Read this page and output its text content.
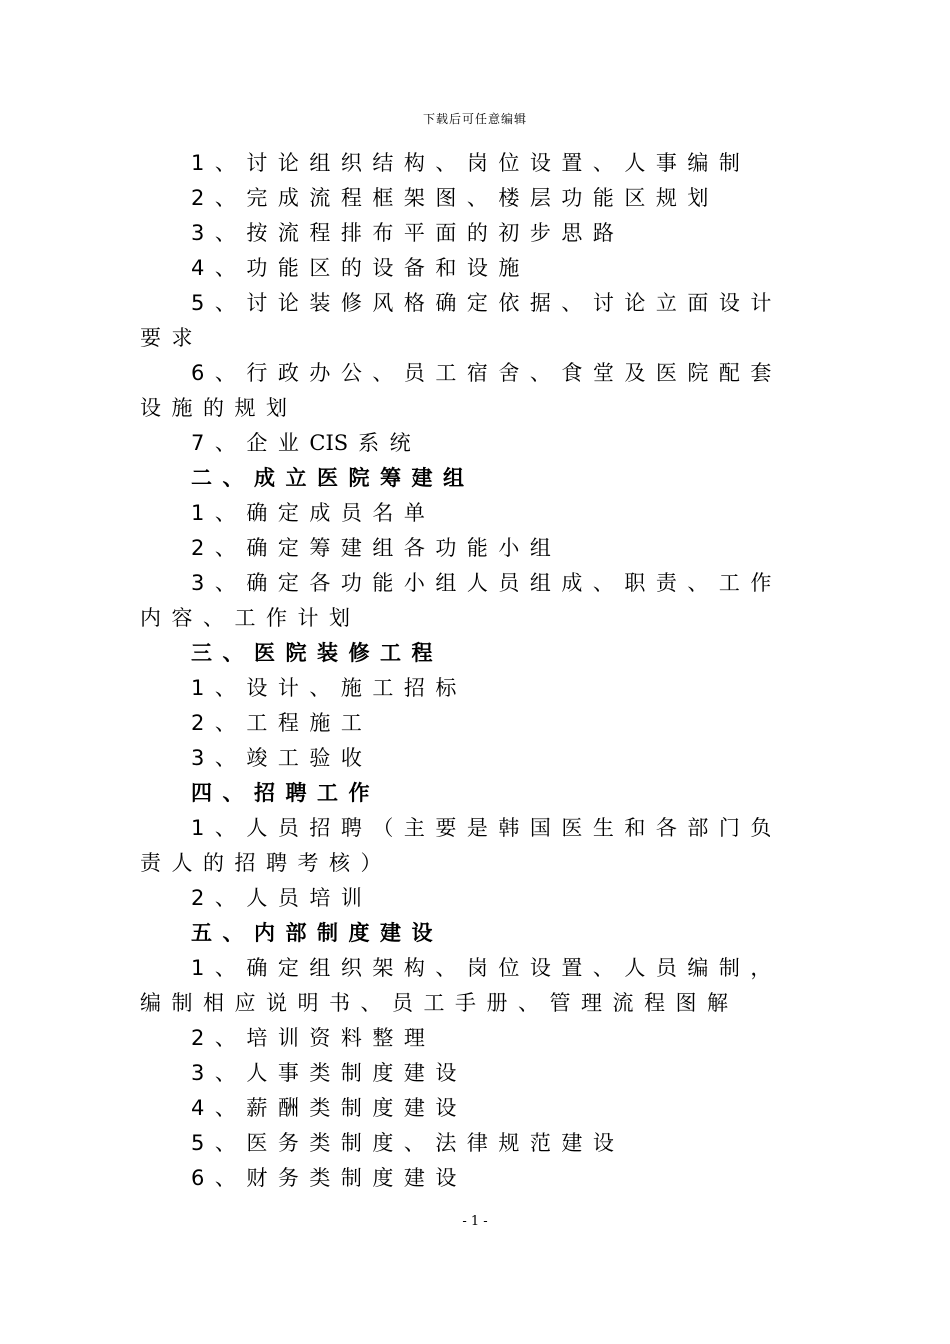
下载后可任意编辑
1、讨论组织结构、岗位设置、人事编制
2、完成流程框架图、楼层功能区规划
3、按流程排布平面的初步思路
4、功能区的设备和设施
5、讨论装修风格确定依据、讨论立面设计
要求
6、行政办公、员工宿舍、食堂及医院配套
设施的规划
7、企业CIS 系统
二、成立医院筹建组
1、确定成员名单
2、确定筹建组各功能小组
3、确定各功能小组人员组成、职责、工作
内容、工作计划
三、医院装修工程
1、设计、施工招标
2、工程施工
3、竣工验收
四、招聘工作
1、人员招聘（主要是韩国医生和各部门负
责人的招聘考核）
2、人员培训
五、内部制度建设
1、确定组织架构、岗位设置、人员编制，
编制相应说明书、员工手册、管理流程图解
2、培训资料整理
3、人事类制度建设
4、薪酬类制度建设
5、医务类制度、法律规范建设
6、财务类制度建设
- 1 -
